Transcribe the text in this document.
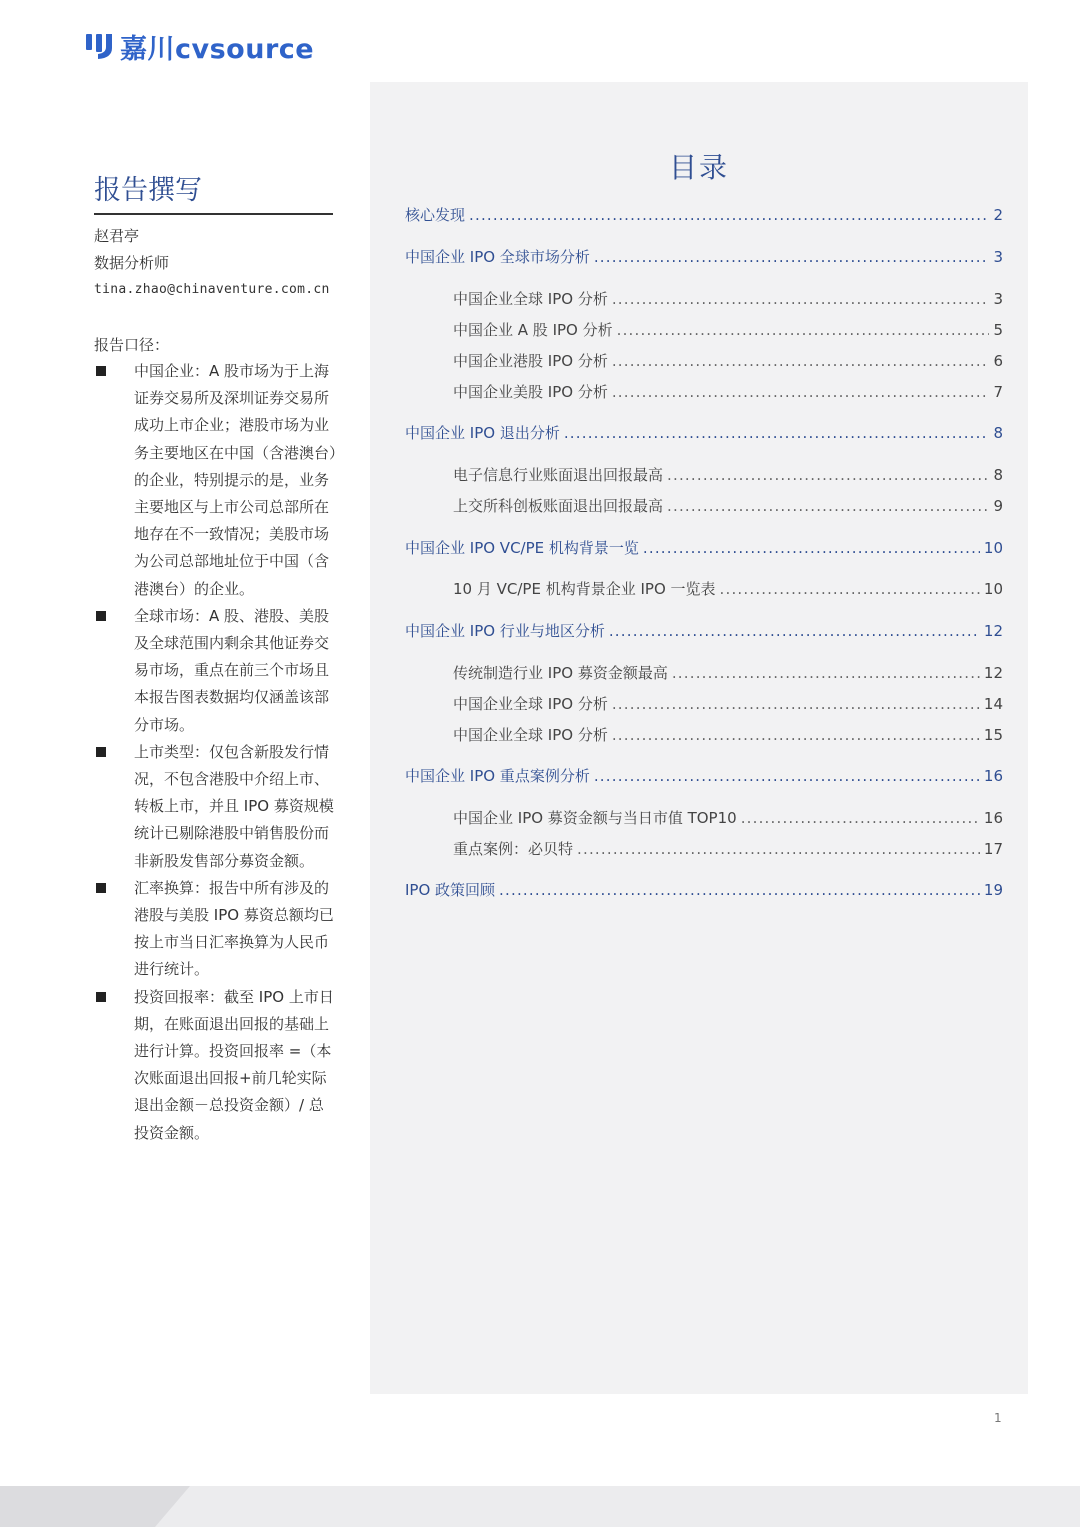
嘉川cvsource
报告撰写
赵君亭
数据分析师
tina.zhao@chinaventure.com.cn
报告口径：
中国企业：A 股市场为于上海证券交易所及深圳证券交易所成功上市企业；港股市场为业务主要地区在中国（含港澳台）的企业，特别提示的是，业务主要地区与上市公司总部所在地存在不一致情况；美股市场为公司总部地址位于中国（含港澳台）的企业。
全球市场：A 股、港股、美股及全球范围内剩余其他证券交易市场，重点在前三个市场且本报告图表数据均仅涵盖该部分市场。
上市类型：仅包含新股发行情况，不包含港股中介绍上市、转板上市，并且 IPO 募资规模统计已剔除港股中销售股份而非新股发售部分募资金额。
汇率换算：报告中所有涉及的港股与美股 IPO 募资总额均已按上市当日汇率换算为人民币进行统计。
投资回报率：截至 IPO 上市日期，在账面退出回报的基础上进行计算。投资回报率 =（本次账面退出回报+前几轮实际退出金额－总投资金额）/ 总投资金额。
目录
核心发现 .....	2
中国企业 IPO 全球市场分析 .....	3
中国企业全球 IPO 分析 .....	3
中国企业 A 股 IPO 分析 .....	5
中国企业港股 IPO 分析 .....	6
中国企业美股 IPO 分析 .....	7
中国企业 IPO 退出分析 .....	8
电子信息行业账面退出回报最高 .....	8
上交所科创板账面退出回报最高 .....	9
中国企业 IPO VC/PE 机构背景一览 .....	10
10 月 VC/PE 机构背景企业 IPO 一览表 .....	10
中国企业 IPO 行业与地区分析 .....	12
传统制造行业 IPO 募资金额最高 .....	12
中国企业全球 IPO 分析 .....	14
中国企业全球 IPO 分析 .....	15
中国企业 IPO 重点案例分析 .....	16
中国企业 IPO 募资金额与当日市值 TOP10 .....	16
重点案例：必贝特 .....	17
IPO 政策回顾 .....	19
1
